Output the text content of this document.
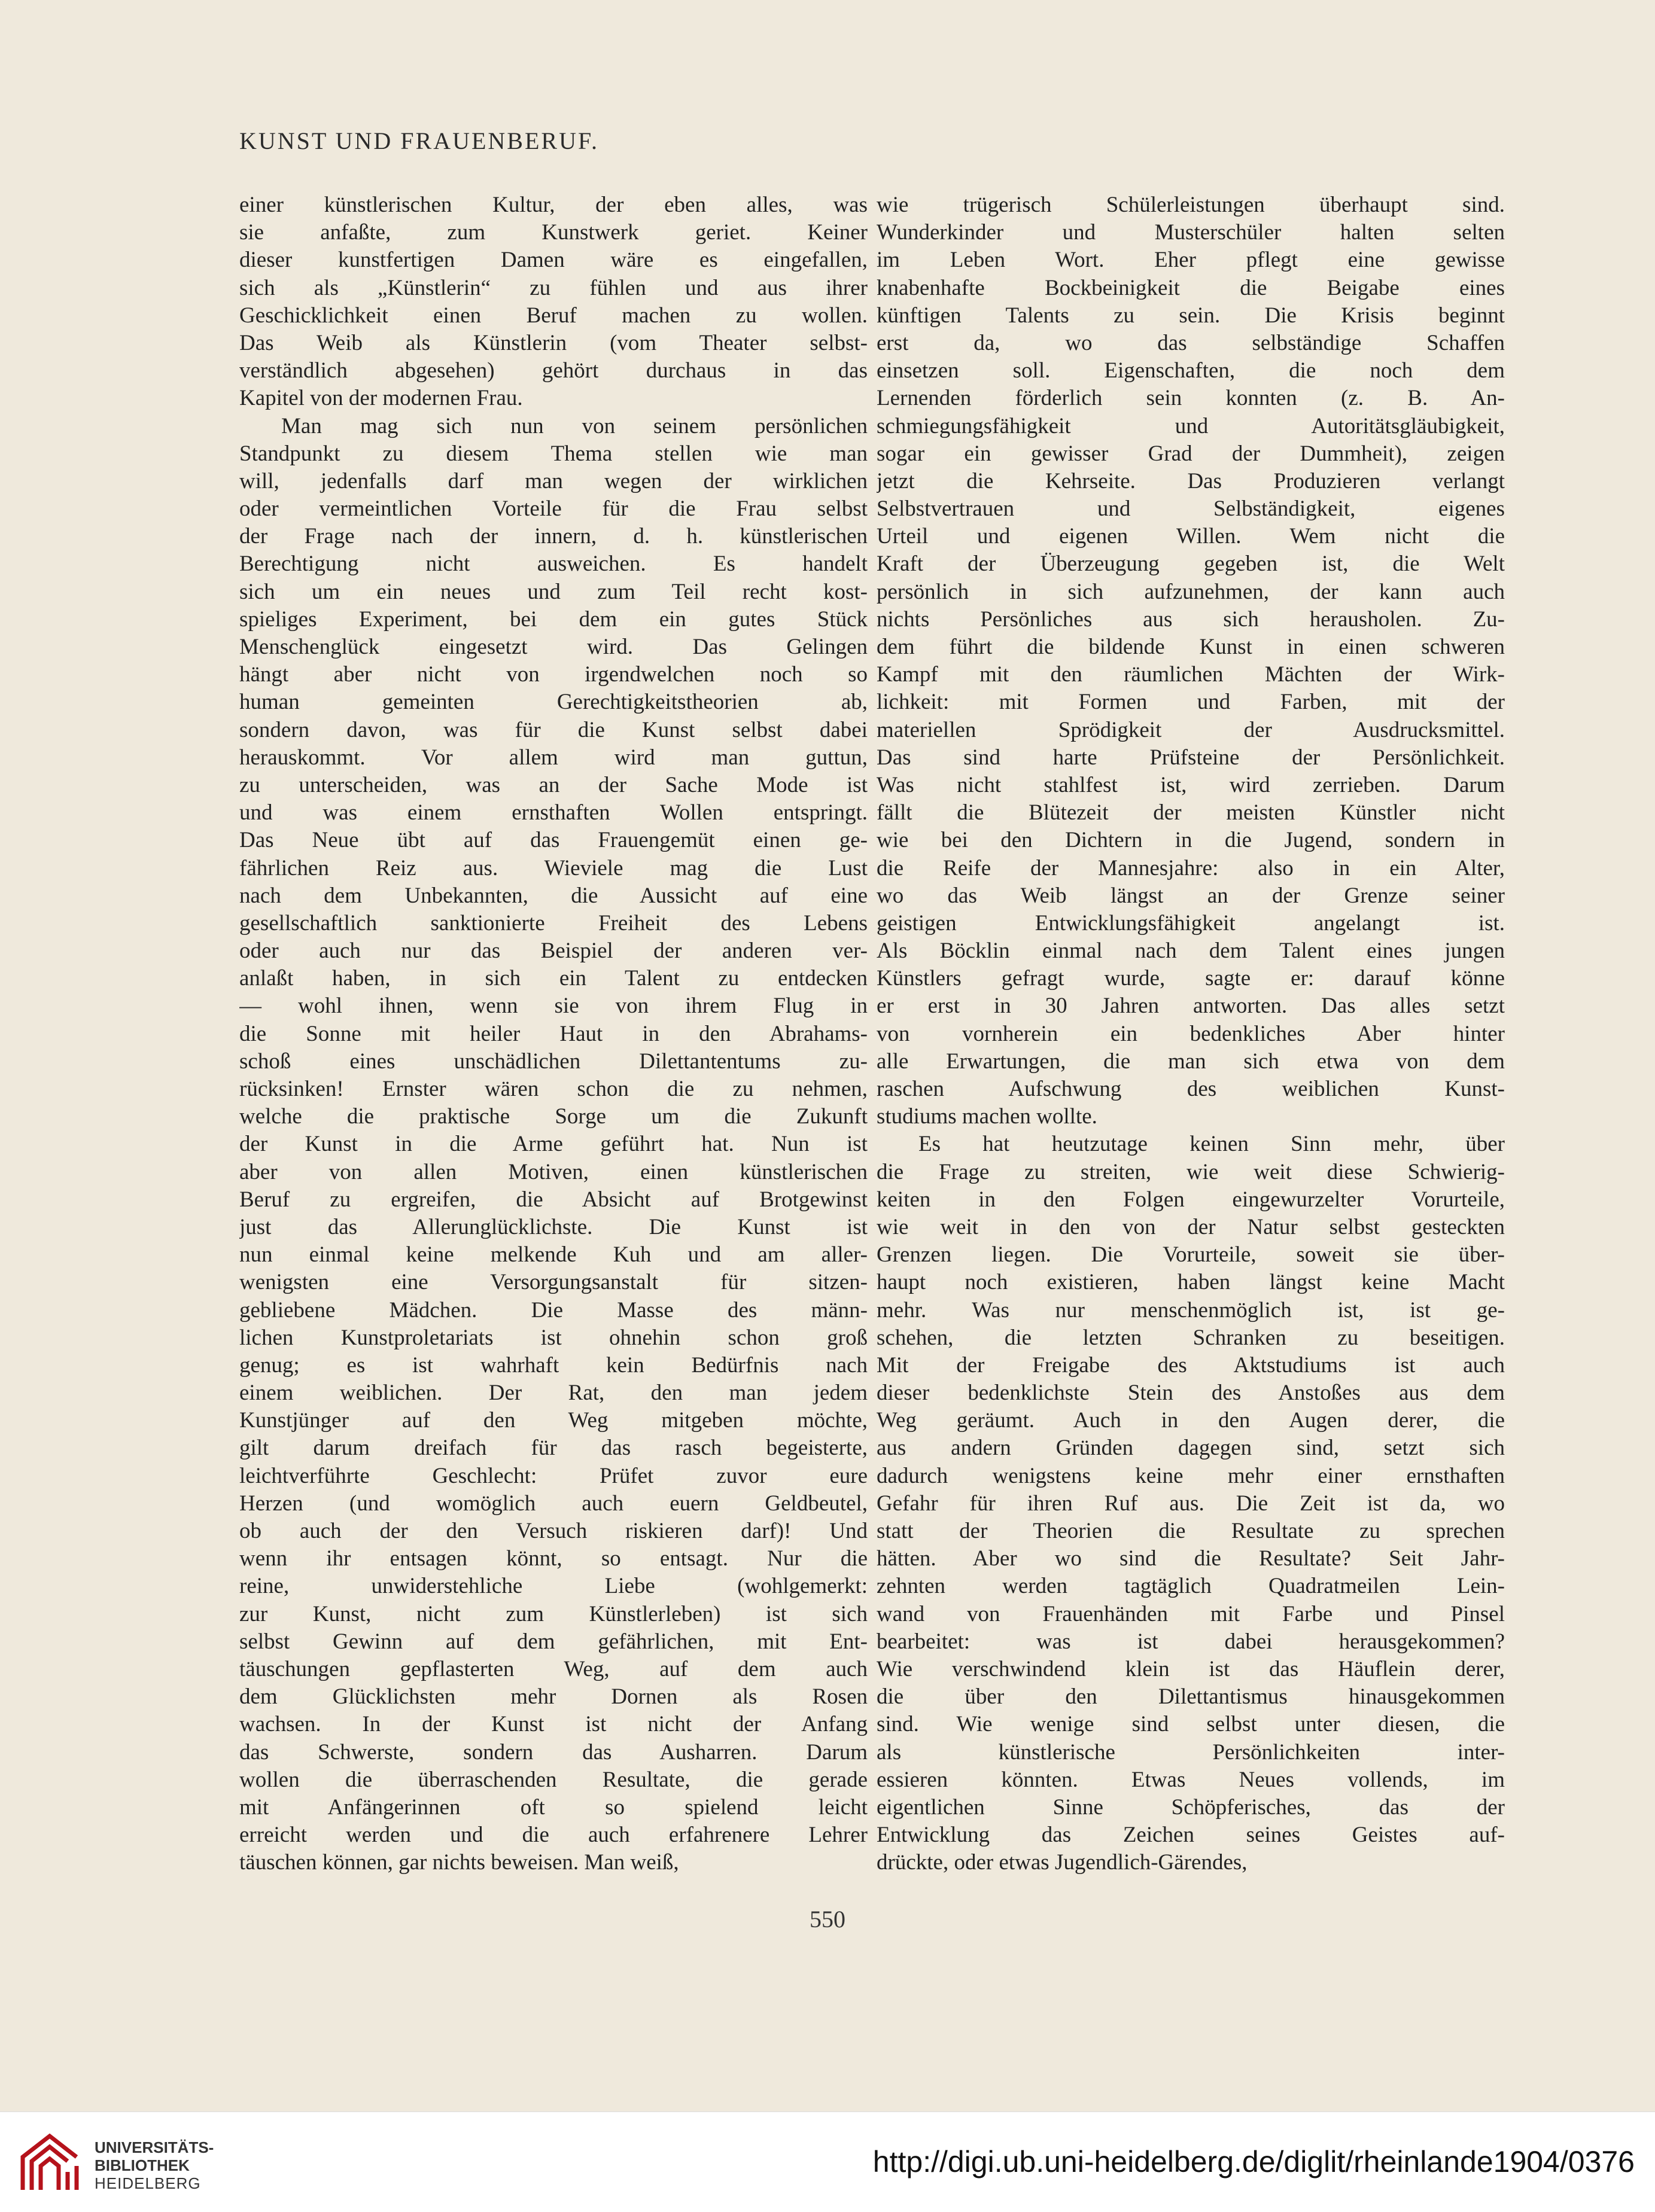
KUNST UND FRAUENBERUF.
einer künstlerischen Kultur, der eben alles, was
sie anfaßte, zum Kunstwerk geriet. Keiner
dieser kunstfertigen Damen wäre es eingefallen,
sich als „Künstlerin“ zu fühlen und aus ihrer
Geschicklichkeit einen Beruf machen zu wollen.
Das Weib als Künstlerin (vom Theater selbst-
verständlich abgesehen) gehört durchaus in das
Kapitel von der modernen Frau.
Man mag sich nun von seinem persönlichen
Standpunkt zu diesem Thema stellen wie man
will, jedenfalls darf man wegen der wirklichen
oder vermeintlichen Vorteile für die Frau selbst
der Frage nach der innern, d. h. künstlerischen
Berechtigung nicht ausweichen. Es handelt
sich um ein neues und zum Teil recht kost-
spieliges Experiment, bei dem ein gutes Stück
Menschenglück eingesetzt wird. Das Gelingen
hängt aber nicht von irgendwelchen noch so
human gemeinten Gerechtigkeitstheorien ab,
sondern davon, was für die Kunst selbst dabei
herauskommt. Vor allem wird man guttun,
zu unterscheiden, was an der Sache Mode ist
und was einem ernsthaften Wollen entspringt.
Das Neue übt auf das Frauengemüt einen ge-
fährlichen Reiz aus. Wieviele mag die Lust
nach dem Unbekannten, die Aussicht auf eine
gesellschaftlich sanktionierte Freiheit des Lebens
oder auch nur das Beispiel der anderen ver-
anlaßt haben, in sich ein Talent zu entdecken
— wohl ihnen, wenn sie von ihrem Flug in
die Sonne mit heiler Haut in den Abrahams-
schoß eines unschädlichen Dilettantentums zu-
rücksinken! Ernster wären schon die zu nehmen,
welche die praktische Sorge um die Zukunft
der Kunst in die Arme geführt hat. Nun ist
aber von allen Motiven, einen künstlerischen
Beruf zu ergreifen, die Absicht auf Brotgewinst
just das Allerunglücklichste. Die Kunst ist
nun einmal keine melkende Kuh und am aller-
wenigsten eine Versorgungsanstalt für sitzen-
gebliebene Mädchen. Die Masse des männ-
lichen Kunstproletariats ist ohnehin schon groß
genug; es ist wahrhaft kein Bedürfnis nach
einem weiblichen. Der Rat, den man jedem
Kunstjünger auf den Weg mitgeben möchte,
gilt darum dreifach für das rasch begeisterte,
leichtverführte Geschlecht: Prüfet zuvor eure
Herzen (und womöglich auch euern Geldbeutel,
ob auch der den Versuch riskieren darf)! Und
wenn ihr entsagen könnt, so entsagt. Nur die
reine, unwiderstehliche Liebe (wohlgemerkt:
zur Kunst, nicht zum Künstlerleben) ist sich
selbst Gewinn auf dem gefährlichen, mit Ent-
täuschungen gepflasterten Weg, auf dem auch
dem Glücklichsten mehr Dornen als Rosen
wachsen. In der Kunst ist nicht der Anfang
das Schwerste, sondern das Ausharren. Darum
wollen die überraschenden Resultate, die gerade
mit Anfängerinnen oft so spielend leicht
erreicht werden und die auch erfahrenere Lehrer
täuschen können, gar nichts beweisen. Man weiß,
wie trügerisch Schülerleistungen überhaupt sind.
Wunderkinder und Musterschüler halten selten
im Leben Wort. Eher pflegt eine gewisse
knabenhafte Bockbeinigkeit die Beigabe eines
künftigen Talents zu sein. Die Krisis beginnt
erst da, wo das selbständige Schaffen
einsetzen soll. Eigenschaften, die noch dem
Lernenden förderlich sein konnten (z. B. An-
schmiegungsfähigkeit und Autoritätsgläubigkeit,
sogar ein gewisser Grad der Dummheit), zeigen
jetzt die Kehrseite. Das Produzieren verlangt
Selbstvertrauen und Selbständigkeit, eigenes
Urteil und eigenen Willen. Wem nicht die
Kraft der Überzeugung gegeben ist, die Welt
persönlich in sich aufzunehmen, der kann auch
nichts Persönliches aus sich herausholen. Zu-
dem führt die bildende Kunst in einen schweren
Kampf mit den räumlichen Mächten der Wirk-
lichkeit: mit Formen und Farben, mit der
materiellen Sprödigkeit der Ausdrucksmittel.
Das sind harte Prüfsteine der Persönlichkeit.
Was nicht stahlfest ist, wird zerrieben. Darum
fällt die Blütezeit der meisten Künstler nicht
wie bei den Dichtern in die Jugend, sondern in
die Reife der Mannesjahre: also in ein Alter,
wo das Weib längst an der Grenze seiner
geistigen Entwicklungsfähigkeit angelangt ist.
Als Böcklin einmal nach dem Talent eines jungen
Künstlers gefragt wurde, sagte er: darauf könne
er erst in 30 Jahren antworten. Das alles setzt
von vornherein ein bedenkliches Aber hinter
alle Erwartungen, die man sich etwa von dem
raschen Aufschwung des weiblichen Kunst-
studiums machen wollte.
Es hat heutzutage keinen Sinn mehr, über
die Frage zu streiten, wie weit diese Schwierig-
keiten in den Folgen eingewurzelter Vorurteile,
wie weit in den von der Natur selbst gesteckten
Grenzen liegen. Die Vorurteile, soweit sie über-
haupt noch existieren, haben längst keine Macht
mehr. Was nur menschenmöglich ist, ist ge-
schehen, die letzten Schranken zu beseitigen.
Mit der Freigabe des Aktstudiums ist auch
dieser bedenklichste Stein des Anstoßes aus dem
Weg geräumt. Auch in den Augen derer, die
aus andern Gründen dagegen sind, setzt sich
dadurch wenigstens keine mehr einer ernsthaften
Gefahr für ihren Ruf aus. Die Zeit ist da, wo
statt der Theorien die Resultate zu sprechen
hätten. Aber wo sind die Resultate? Seit Jahr-
zehnten werden tagtäglich Quadratmeilen Lein-
wand von Frauenhänden mit Farbe und Pinsel
bearbeitet: was ist dabei herausgekommen?
Wie verschwindend klein ist das Häuflein derer,
die über den Dilettantismus hinausgekommen
sind. Wie wenige sind selbst unter diesen, die
als künstlerische Persönlichkeiten inter-
essieren könnten. Etwas Neues vollends, im
eigentlichen Sinne Schöpferisches, das der
Entwicklung das Zeichen seines Geistes auf-
drückte, oder etwas Jugendlich-Gärendes,
550
UNIVERSITÄTS-
BIBLIOTHEK
HEIDELBERG
http://digi.ub.uni-heidelberg.de/diglit/rheinlande1904/0376
